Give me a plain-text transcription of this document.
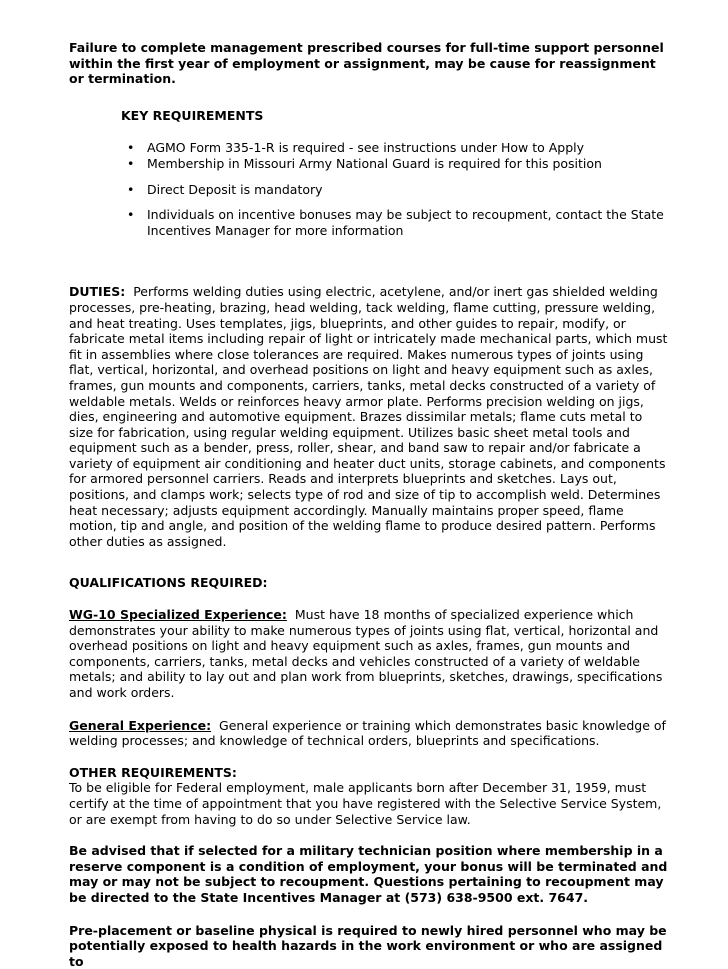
Failure to complete management prescribed courses for full-time support personnel within the first year of employment or assignment, may be cause for reassignment or termination.

KEY REQUIREMENTS

• AGMO Form 335-1-R is required - see instructions under How to Apply
• Membership in Missouri Army National Guard is required for this position
• Direct Deposit is mandatory
• Individuals on incentive bonuses may be subject to recoupment, contact the State Incentives Manager for more information

DUTIES: Performs welding duties using electric, acetylene, and/or inert gas shielded welding processes, pre-heating, brazing, head welding, tack welding, flame cutting, pressure welding, and heat treating. Uses templates, jigs, blueprints, and other guides to repair, modify, or fabricate metal items including repair of light or intricately made mechanical parts, which must fit in assemblies where close tolerances are required. Makes numerous types of joints using flat, vertical, horizontal, and overhead positions on light and heavy equipment such as axles, frames, gun mounts and components, carriers, tanks, metal decks constructed of a variety of weldable metals. Welds or reinforces heavy armor plate. Performs precision welding on jigs, dies, engineering and automotive equipment. Brazes dissimilar metals; flame cuts metal to size for fabrication, using regular welding equipment. Utilizes basic sheet metal tools and equipment such as a bender, press, roller, shear, and band saw to repair and/or fabricate a variety of equipment air conditioning and heater duct units, storage cabinets, and components for armored personnel carriers. Reads and interprets blueprints and sketches. Lays out, positions, and clamps work; selects type of rod and size of tip to accomplish weld. Determines heat necessary; adjusts equipment accordingly. Manually maintains proper speed, flame motion, tip and angle, and position of the welding flame to produce desired pattern. Performs other duties as assigned.

QUALIFICATIONS REQUIRED:

WG-10 Specialized Experience: Must have 18 months of specialized experience which demonstrates your ability to make numerous types of joints using flat, vertical, horizontal and overhead positions on light and heavy equipment such as axles, frames, gun mounts and components, carriers, tanks, metal decks and vehicles constructed of a variety of weldable metals; and ability to lay out and plan work from blueprints, sketches, drawings, specifications and work orders.

General Experience: General experience or training which demonstrates basic knowledge of welding processes; and knowledge of technical orders, blueprints and specifications.

OTHER REQUIREMENTS:

To be eligible for Federal employment, male applicants born after December 31, 1959, must certify at the time of appointment that you have registered with the Selective Service System, or are exempt from having to do so under Selective Service law.

Be advised that if selected for a military technician position where membership in a reserve component is a condition of employment, your bonus will be terminated and may or may not be subject to recoupment. Questions pertaining to recoupment may be directed to the State Incentives Manager at (573) 638-9500 ext. 7647.

Pre-placement or baseline physical is required to newly hired personnel who may be potentially exposed to health hazards in the work environment or who are assigned to
